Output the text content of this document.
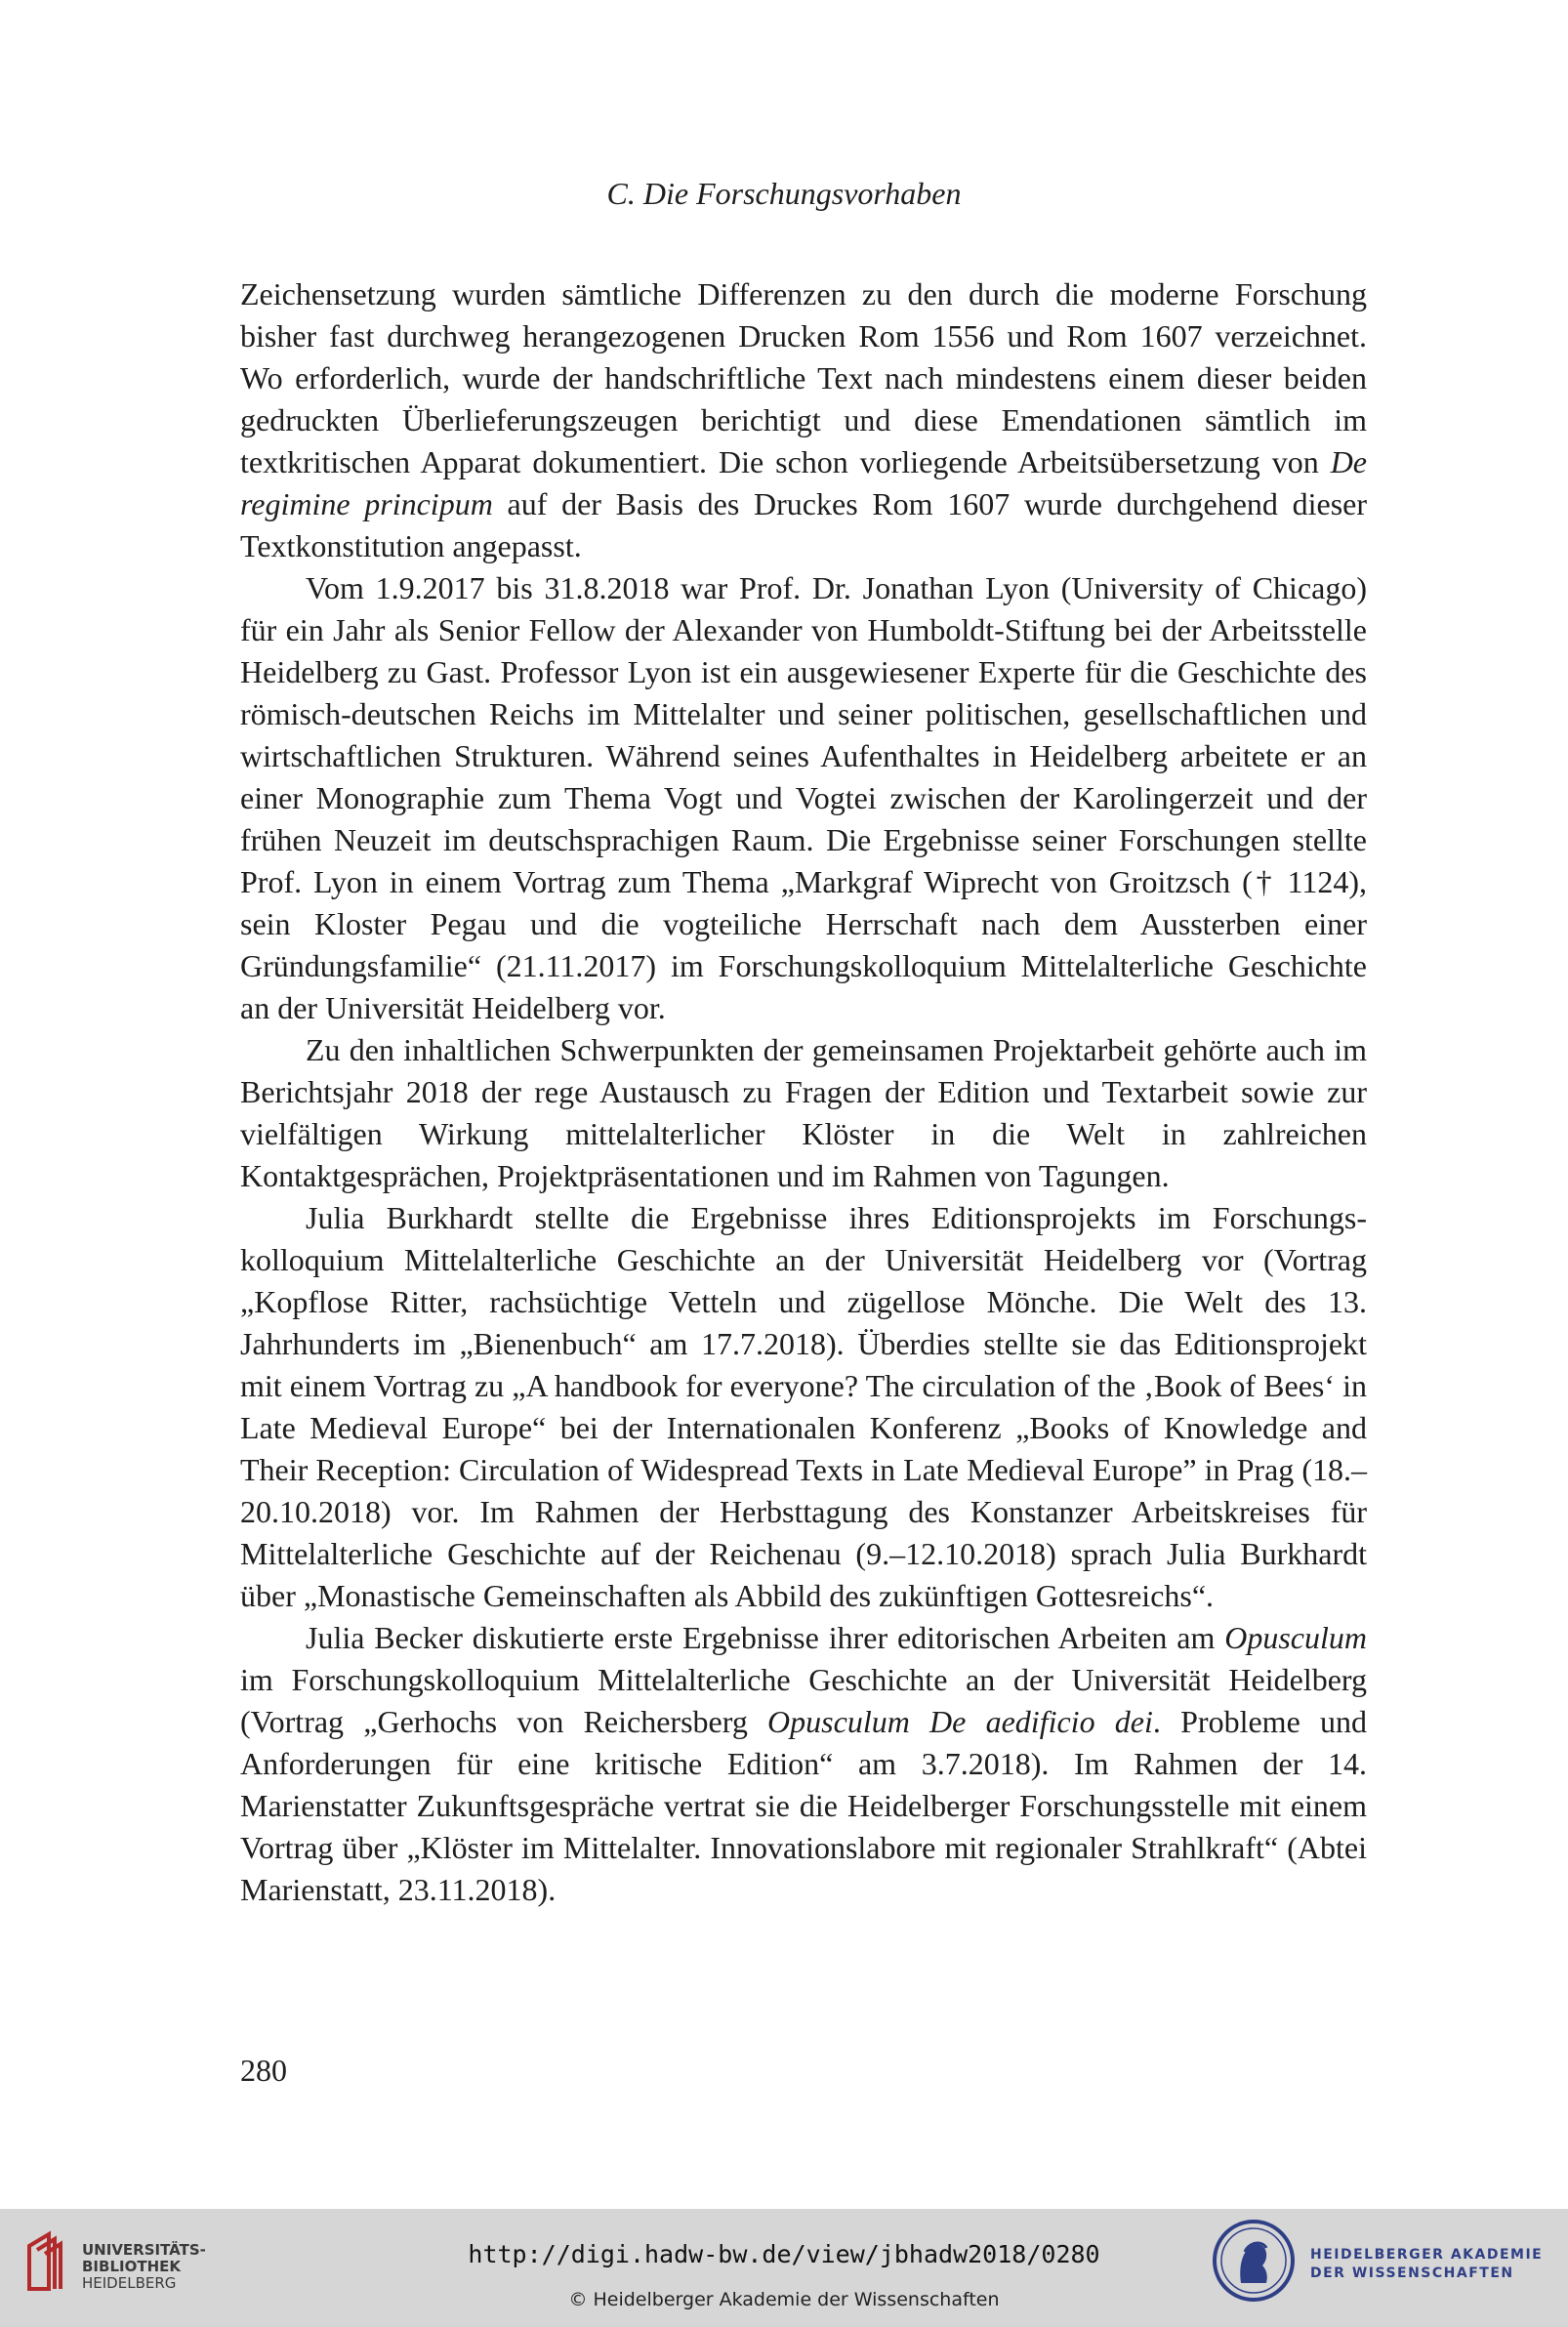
C. Die Forschungsvorhaben

Zeichensetzung wurden sämtliche Differenzen zu den durch die moderne Forschung bisher fast durchweg herangezogenen Drucken Rom 1556 und Rom 1607 verzeichnet. Wo erforderlich, wurde der handschriftliche Text nach mindestens einem dieser beiden gedruckten Überlieferungszeugen berichtigt und diese Emendationen sämtlich im textkritischen Apparat dokumentiert. Die schon vorliegende Arbeitsübersetzung von De regimine principum auf der Basis des Druckes Rom 1607 wurde durchgehend dieser Textkonstitution angepasst.

Vom 1.9.2017 bis 31.8.2018 war Prof. Dr. Jonathan Lyon (University of Chicago) für ein Jahr als Senior Fellow der Alexander von Humboldt-Stiftung bei der Arbeitsstelle Heidelberg zu Gast. Professor Lyon ist ein ausgewiesener Experte für die Geschichte des römisch-deutschen Reichs im Mittelalter und seiner politischen, gesellschaftlichen und wirtschaftlichen Strukturen. Während seines Aufenthaltes in Heidelberg arbeitete er an einer Monographie zum Thema Vogt und Vogtei zwischen der Karolingerzeit und der frühen Neuzeit im deutschsprachigen Raum. Die Ergebnisse seiner Forschungen stellte Prof. Lyon in einem Vortrag zum Thema „Markgraf Wiprecht von Groitzsch († 1124), sein Kloster Pegau und die vogteiliche Herrschaft nach dem Aussterben einer Gründungsfamilie“ (21.11.2017) im Forschungskolloquium Mittelalterliche Geschichte an der Universität Heidelberg vor.

Zu den inhaltlichen Schwerpunkten der gemeinsamen Projektarbeit gehörte auch im Berichtsjahr 2018 der rege Austausch zu Fragen der Edition und Textarbeit sowie zur vielfältigen Wirkung mittelalterlicher Klöster in die Welt in zahlreichen Kontaktgesprächen, Projektpräsentationen und im Rahmen von Tagungen.

Julia Burkhardt stellte die Ergebnisse ihres Editionsprojekts im Forschungskolloquium Mittelalterliche Geschichte an der Universität Heidelberg vor (Vortrag „Kopflose Ritter, rachsüchtige Vetteln und zügellose Mönche. Die Welt des 13. Jahrhunderts im „Bienenbuch“ am 17.7.2018). Überdies stellte sie das Editionsprojekt mit einem Vortrag zu „A handbook for everyone? The circulation of the ‚Book of Bees‘ in Late Medieval Europe“ bei der Internationalen Konferenz „Books of Knowledge and Their Reception: Circulation of Widespread Texts in Late Medieval Europe” in Prag (18.–20.10.2018) vor. Im Rahmen der Herbsttagung des Konstanzer Arbeitskreises für Mittelalterliche Geschichte auf der Reichenau (9.–12.10.2018) sprach Julia Burkhardt über „Monastische Gemeinschaften als Abbild des zukünftigen Gottesreichs“.

Julia Becker diskutierte erste Ergebnisse ihrer editorischen Arbeiten am Opusculum im Forschungskolloquium Mittelalterliche Geschichte an der Universität Heidelberg (Vortrag „Gerhochs von Reichersberg Opusculum De aedificio dei. Probleme und Anforderungen für eine kritische Edition“ am 3.7.2018). Im Rahmen der 14. Marienstatter Zukunftsgespräche vertrat sie die Heidelberger Forschungsstelle mit einem Vortrag über „Klöster im Mittelalter. Innovationslabore mit regionaler Strahlkraft“ (Abtei Marienstatt, 23.11.2018).

280
UNIVERSITÄTS-
BIBLIOTHEK
HEIDELBERG
http://digi.hadw-bw.de/view/jbhadw2018/0280
© Heidelberger Akademie der Wissenschaften
HEIDELBERGER AKADEMIE
DER WISSENSCHAFTEN
